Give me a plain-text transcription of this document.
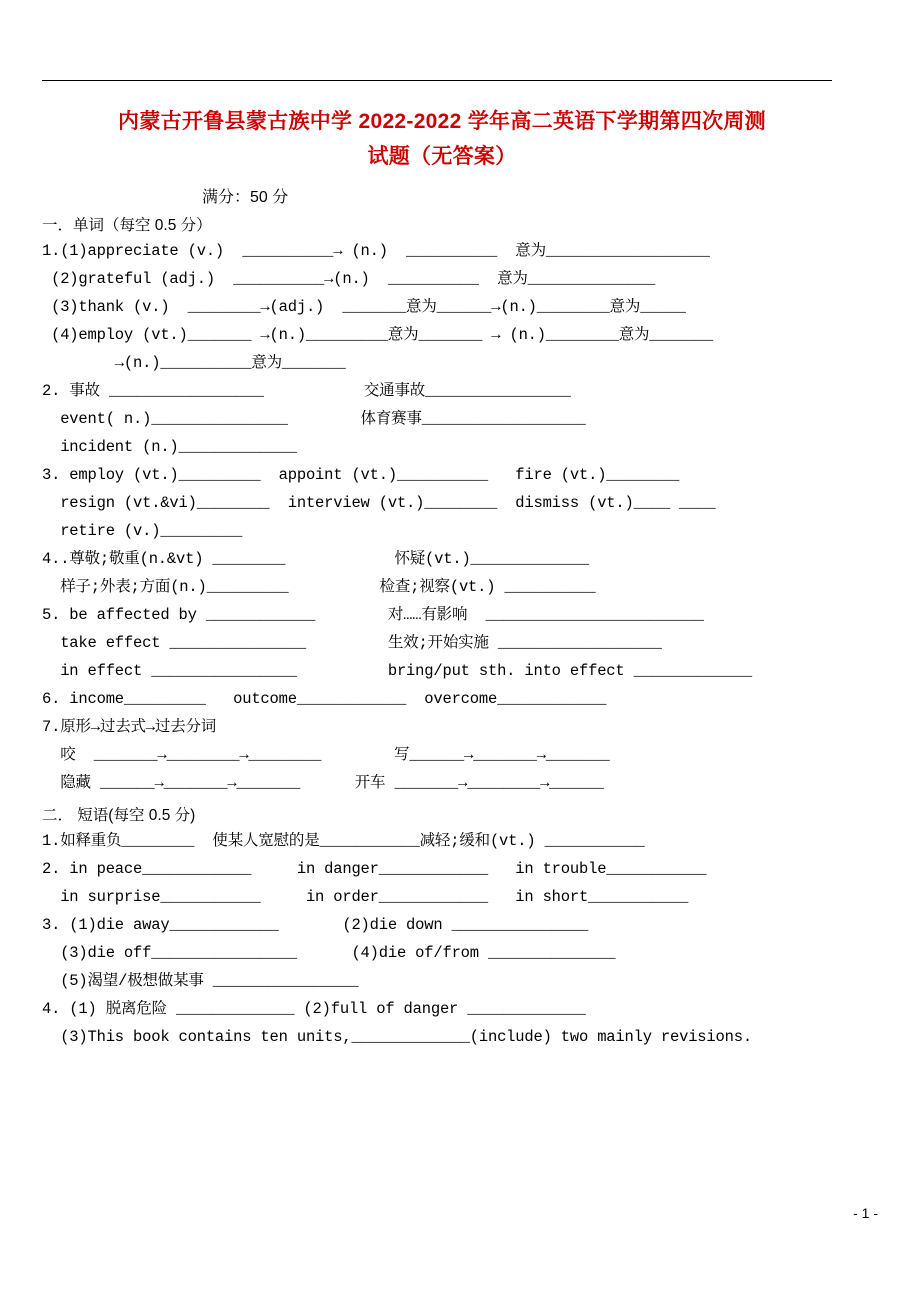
内蒙古开鲁县蒙古族中学 2022-2022 学年高二英语下学期第四次周测
试题（无答案）
满分：50 分
一．单词（每空 0.5 分）
1.(1)appreciate (v.)  __________→ (n.)  __________  意为__________________
(2)grateful (adj.)  __________→(n.)  __________  意为______________
(3)thank (v.)  ________→(adj.)  _______意为______→(n.)________意为_____
(4)employ (vt.)_______ →(n.)_________意为_______ → (n.)________意为_______
→(n.)__________意为_______
2. 事故 _________________           交通事故________________
event( n.)_______________        体育赛事__________________
incident (n.)_____________
3. employ (vt.)_________  appoint (vt.)__________   fire (vt.)________
resign (vt.&vi)________  interview (vt.)________  dismiss (vt.)____ ____
retire (v.)_________
4..尊敬;敬重(n.&vt) ________            怀疑(vt.)_____________
样子;外表;方面(n.)_________          检查;视察(vt.) __________
5. be affected by ____________        对……有影响  ________________________
take effect _______________         生效;开始实施 __________________
in effect ________________          bring/put sth. into effect _____________
6. income_________   outcome____________  overcome____________
7.原形→过去式→过去分词
咬  _______→________→________        写______→_______→_______
隐藏 ______→_______→_______      开车 _______→________→______
二． 短语(每空 0.5 分)
1.如释重负________  使某人宽慰的是___________减轻;缓和(vt.) ___________
2. in peace____________     in danger____________   in trouble___________
in surprise___________     in order____________   in short___________
3. (1)die away____________       (2)die down _______________
(3)die off________________      (4)die of/from ______________
(5)渴望/极想做某事 ________________
4. (1) 脱离危险 _____________ (2)full of danger _____________
(3)This book contains ten units,_____________(include) two mainly revisions.
- 1 -
